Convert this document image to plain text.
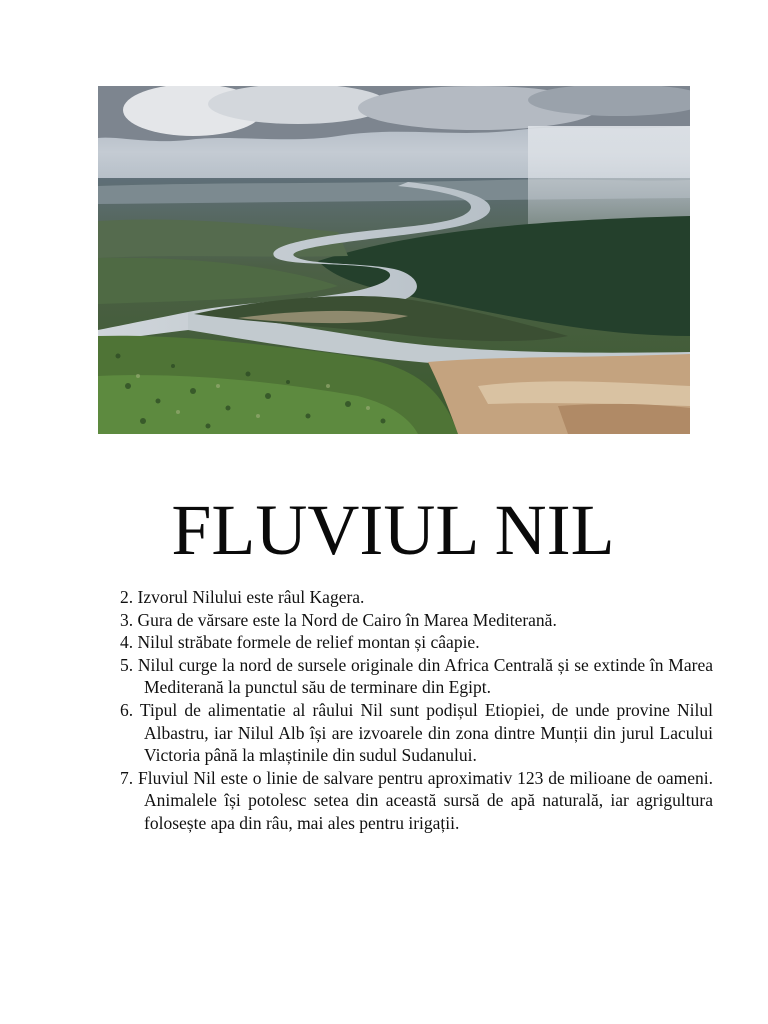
FLUVIUL NIL
2. Izvorul Nilului este râul Kagera.
3. Gura de vărsare este la Nord de Cairo în Marea Mediterană.
4. Nilul străbate formele de relief montan și câapie.
5. Nilul curge la nord de sursele originale din Africa Centrală și se extinde în Marea Mediterană la punctul său de terminare din Egipt.
6. Tipul de alimentatie al râului Nil sunt podișul Etiopiei, de unde provine Nilul Albastru, iar Nilul Alb își are izvoarele din zona dintre Munții din jurul Lacului Victoria până la mlaștinile din sudul Sudanului.
7. Fluviul Nil este o linie de salvare pentru aproximativ 123 de milioane de oameni. Animalele își potolesc setea din această sursă de apă naturală, iar agrigultura folosește apa din râu, mai ales pentru irigații.
